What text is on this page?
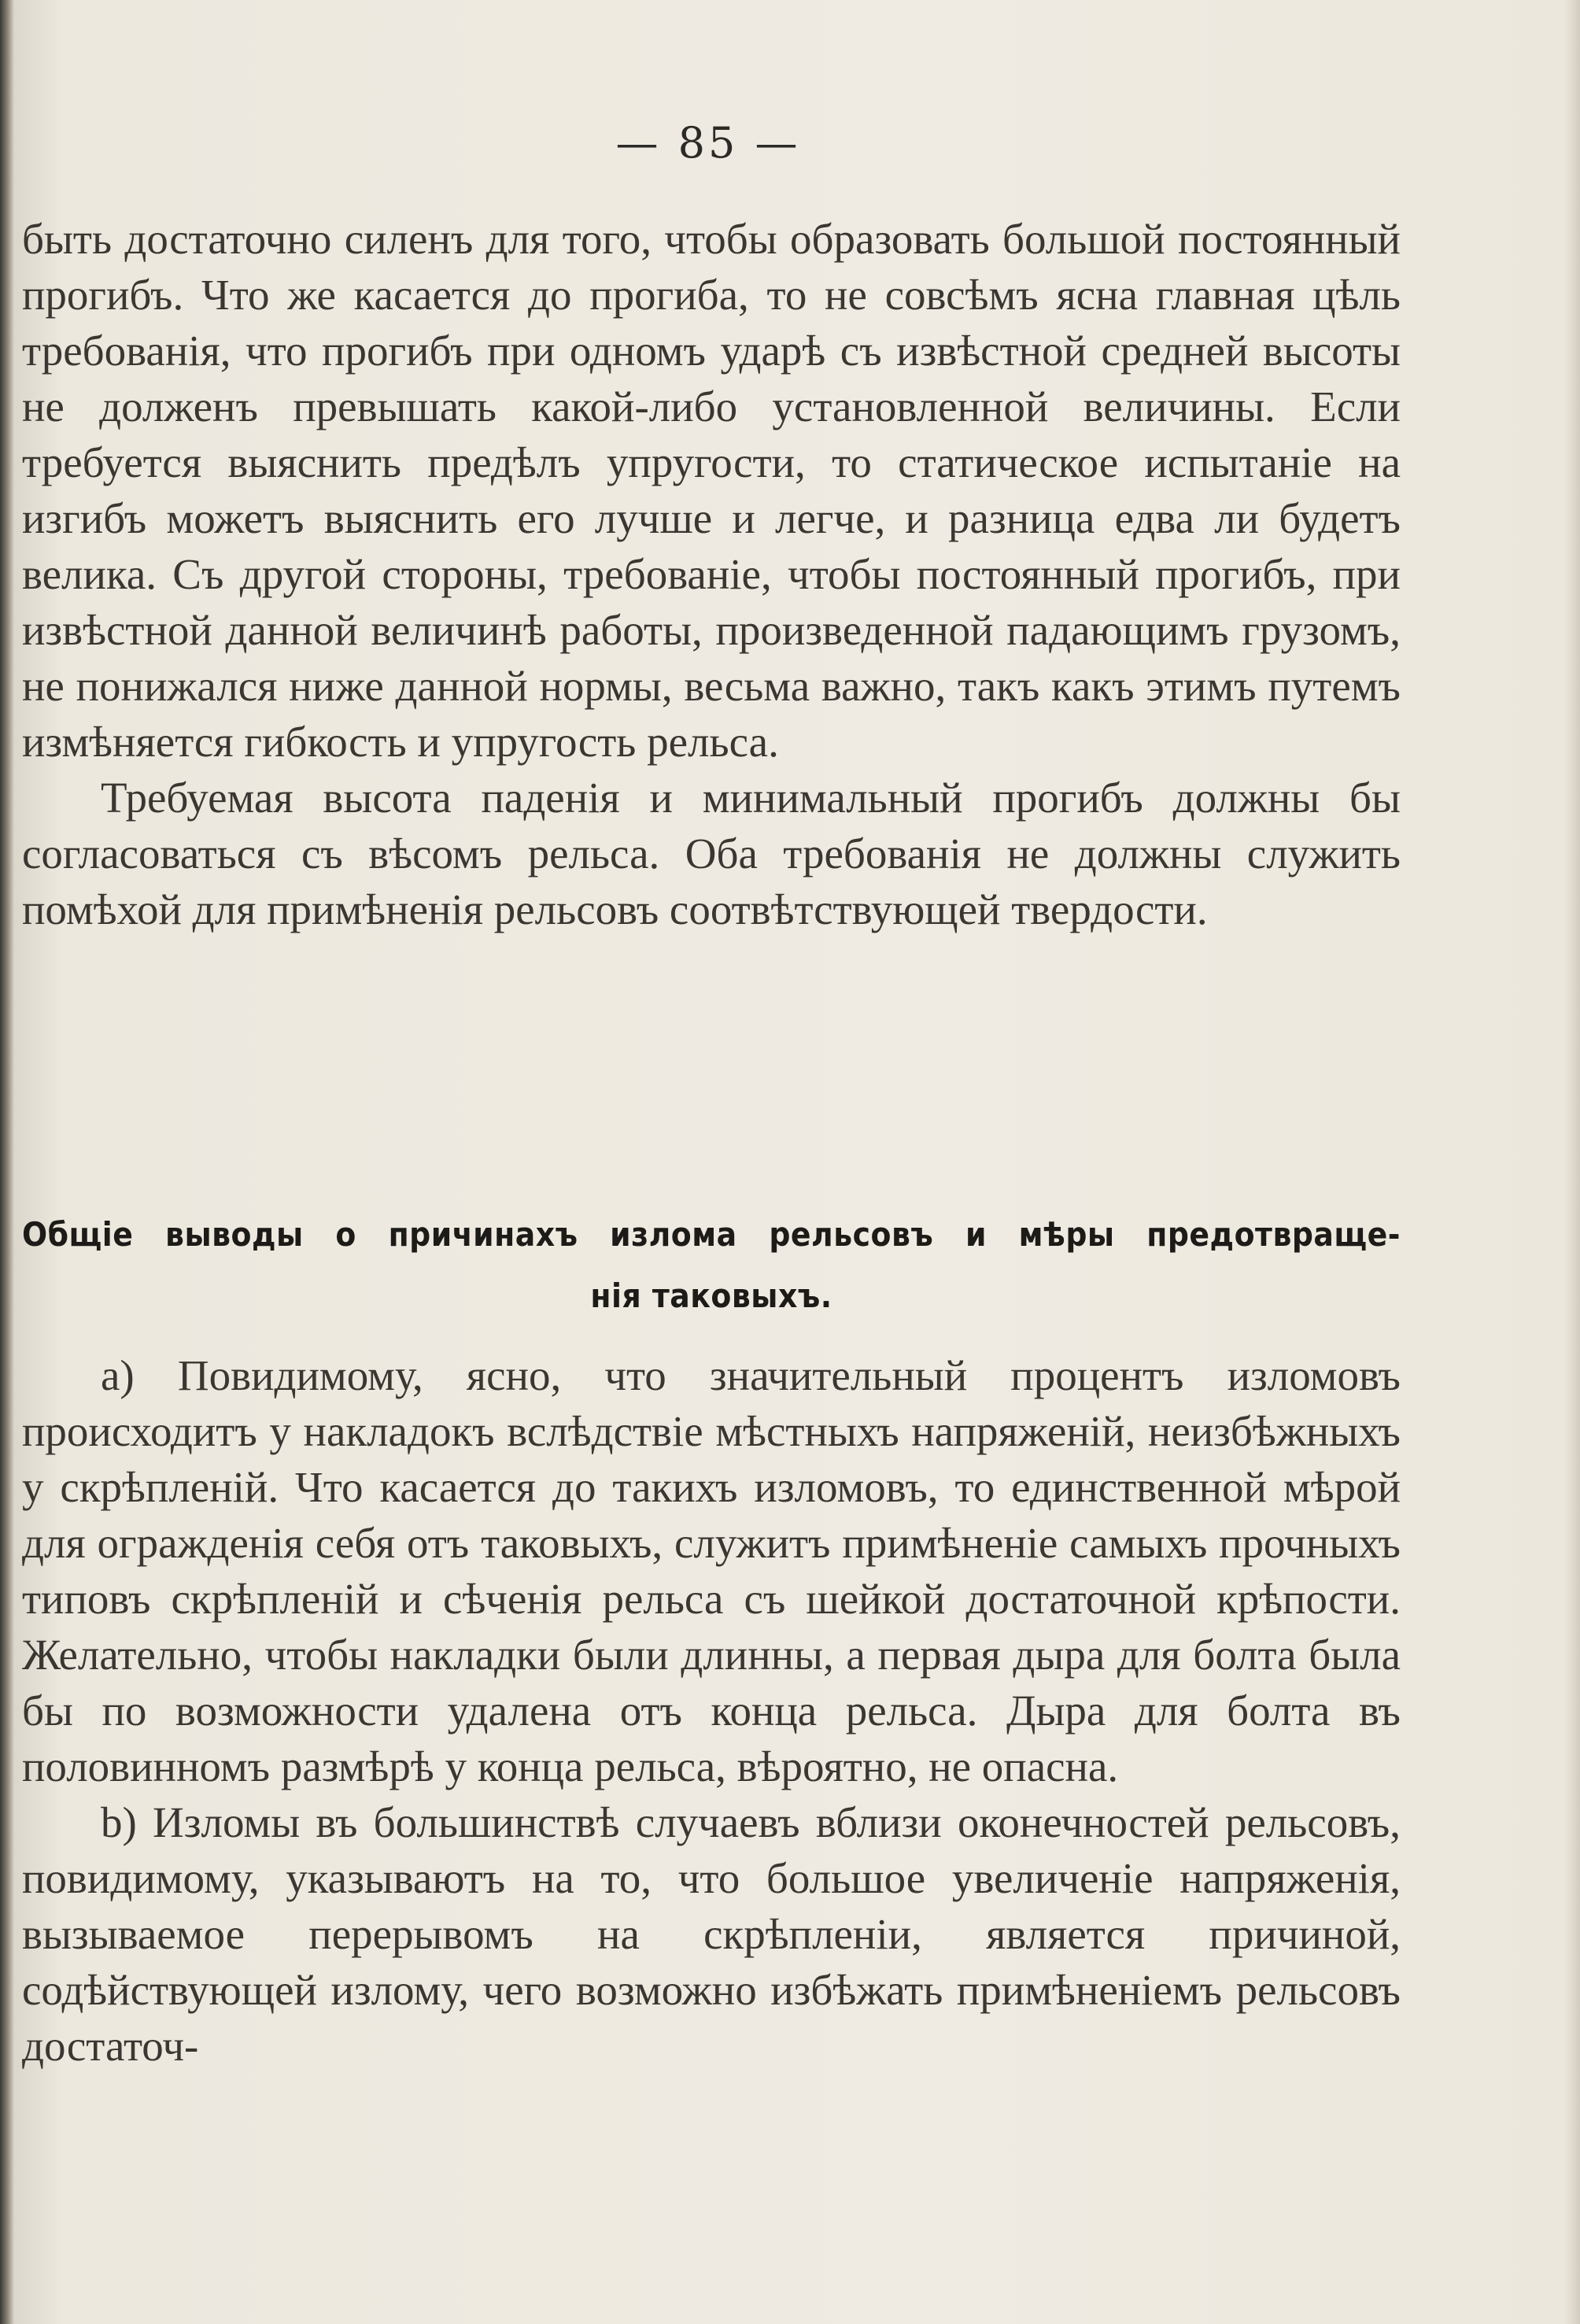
— 85 —

быть достаточно силенъ для того, чтобы образовать большой постоянный прогибъ. Что же касается до прогиба, то не совсѣмъ ясна главная цѣль требованія, что прогибъ при одномъ ударѣ съ извѣстной средней высоты не долженъ превышать какой-либо установленной величины. Если требуется выяснить предѣлъ упругости, то статическое испытаніе на изгибъ можетъ выяснить его лучше и легче, и разница едва ли будетъ велика. Съ другой стороны, требованіе, чтобы постоянный прогибъ, при извѣстной данной величинѣ работы, произведенной падающимъ грузомъ, не понижался ниже данной нормы, весьма важно, такъ какъ этимъ путемъ измѣняется гибкость и упругость рельса.

Требуемая высота паденія и минимальный прогибъ должны бы согласоваться съ вѣсомъ рельса. Оба требованія не должны служить помѣхой для примѣненія рельсовъ соотвѣтствующей твердости.

Общіе выводы о причинахъ излома рельсовъ и мѣры предотвраще-
нія таковыхъ.

a) Повидимому, ясно, что значительный процентъ изломовъ происходитъ у накладокъ вслѣдствіе мѣстныхъ напряженій, неизбѣжныхъ у скрѣпленій. Что касается до такихъ изломовъ, то единственной мѣрой для огражденія себя отъ таковыхъ, служитъ примѣненіе самыхъ прочныхъ типовъ скрѣпленій и сѣченія рельса съ шейкой достаточной крѣпости. Желательно, чтобы накладки были длинны, а первая дыра для болта была бы по возможности удалена отъ конца рельса. Дыра для болта въ половинномъ размѣрѣ у конца рельса, вѣроятно, не опасна.

b) Изломы въ большинствѣ случаевъ вблизи оконечностей рельсовъ, повидимому, указываютъ на то, что большое увеличеніе напряженія, вызываемое перерывомъ на скрѣпленіи, является причиной, содѣйствующей излому, чего возможно избѣжать примѣненіемъ рельсовъ достаточ-
